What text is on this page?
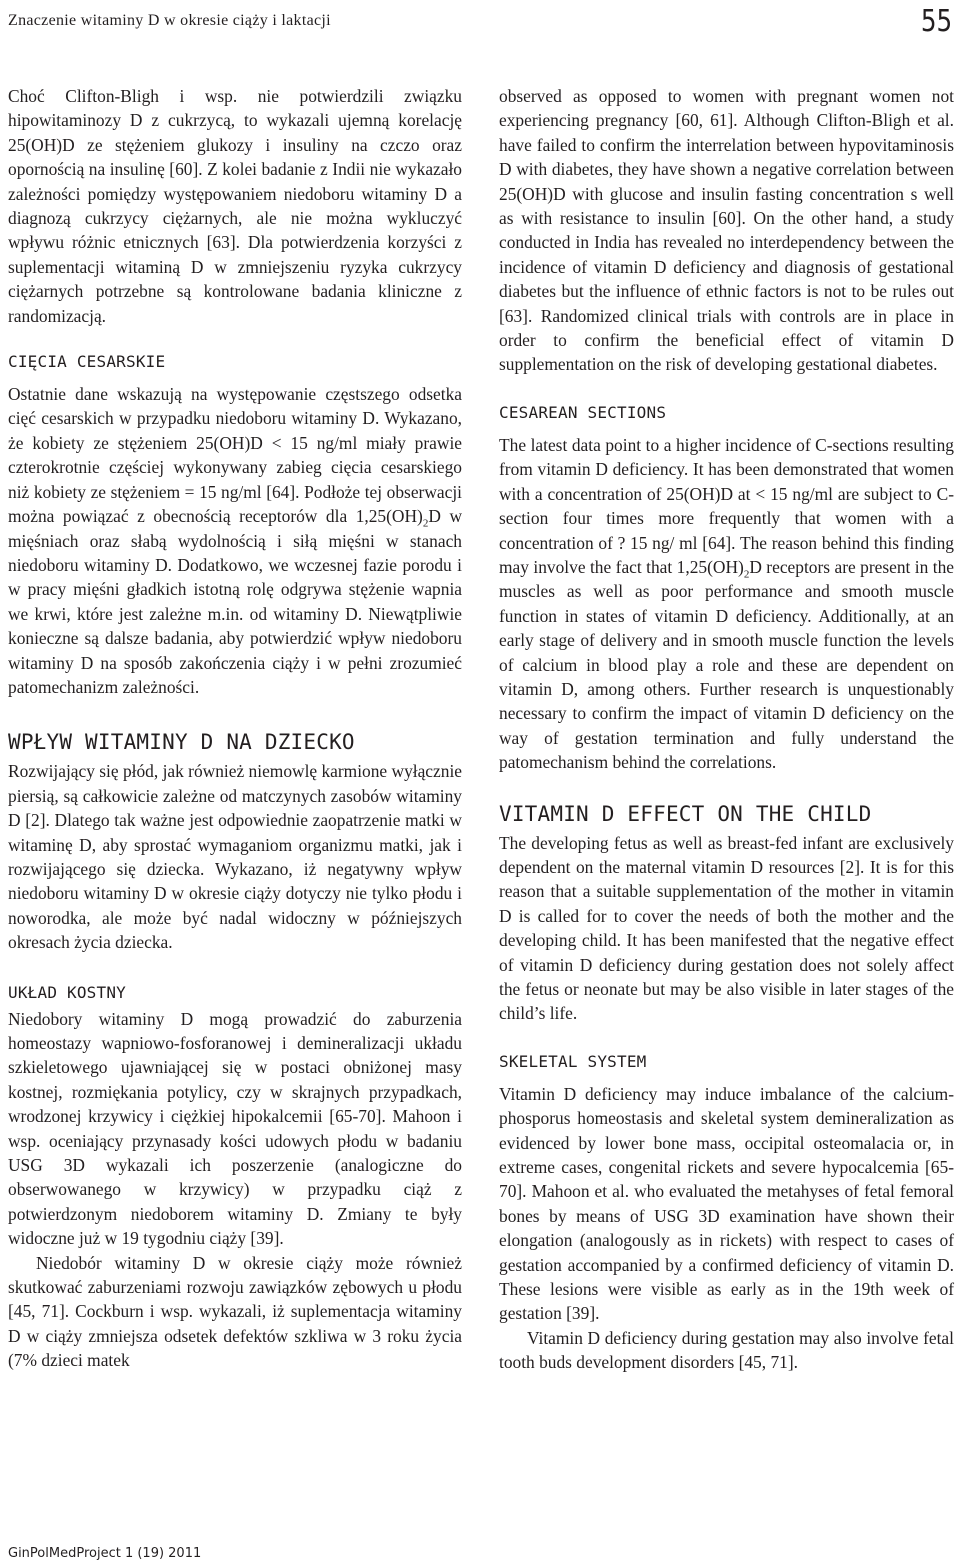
Znaczenie witaminy D w okresie ciąży i laktacji	55

Choć Clifton-Bligh i wsp. nie potwierdzili związku hipowitaminozy D z cukrzycą, to wykazali ujemną korelację 25(OH)D ze stężeniem glukozy i insuliny na czczo oraz opornością na insulinę [60]. Z kolei badanie z Indii nie wykazało zależności pomiędzy występowaniem niedoboru witaminy D a diagnozą cukrzycy ciężarnych, ale nie można wykluczyć wpływu różnic etnicznych [63]. Dla potwierdzenia korzyści z suplementacji witaminą D w zmniejszeniu ryzyka cukrzycy ciężarnych potrzebne są kontrolowane badania kliniczne z randomizacją.

CIĘCIA CESARSKIE

Ostatnie dane wskazują na występowanie częstszego odsetka cięć cesarskich w przypadku niedoboru witaminy D. Wykazano, że kobiety ze stężeniem 25(OH)D < 15 ng/ml miały prawie czterokrotnie częściej wykonywany zabieg cięcia cesarskiego niż kobiety ze stężeniem = 15 ng/ml [64]. Podłoże tej obserwacji można powiązać z obecnością receptorów dla $1,25(OH)_2D$ w mięśniach oraz słabą wydolnością i siłą mięśni w stanach niedoboru witaminy D. Dodatkowo, we wczesnej fazie porodu i w pracy mięśni gładkich istotną rolę odgrywa stężenie wapnia we krwi, które jest zależne m.in. od witaminy D. Niewątpliwie konieczne są dalsze badania, aby potwierdzić wpływ niedoboru witaminy D na sposób zakończenia ciąży i w pełni zrozumieć patomechanizm zależności.

WPŁYW WITAMINY D NA DZIECKO

Rozwijający się płód, jak również niemowlę karmione wyłącznie piersią, są całkowicie zależne od matczynych zasobów witaminy D [2]. Dlatego tak ważne jest odpowiednie zaopatrzenie matki w witaminę D, aby sprostać wymaganiom organizmu matki, jak i rozwijającego się dziecka. Wykazano, iż negatywny wpływ niedoboru witaminy D w okresie ciąży dotyczy nie tylko płodu i noworodka, ale może być nadal widoczny w późniejszych okresach życia dziecka.

UKŁAD KOSTNY

Niedobory witaminy D mogą prowadzić do zaburzenia homeostazy wapniowo-fosforanowej i demineralizacji układu szkieletowego ujawniającej się w postaci obniżonej masy kostnej, rozmiękania potylicy, czy w skrajnych przypadkach, wrodzonej krzywicy i ciężkiej hipokalcemii [65-70]. Mahoon i wsp. oceniający przynasady kości udowych płodu w badaniu USG 3D wykazali ich poszerzenie (analogiczne do obserwowanego w krzywicy) w przypadku ciąż z potwierdzonym niedoborem witaminy D. Zmiany te były widoczne już w 19 tygodniu ciąży [39].

Niedobór witaminy D w okresie ciąży może również skutkować zaburzeniami rozwoju zawiązków zębowych u płodu [45, 71]. Cockburn i wsp. wykazali, iż suplementacja witaminy D w ciąży zmniejsza odsetek defektów szkliwa w 3 roku życia (7% dzieci matek

observed as opposed to women with pregnant women not experiencing pregnancy [60, 61]. Although Clifton-Bligh et al. have failed to confirm the interrelation between hypovitaminosis D with diabetes, they have shown a negative correlation between 25(OH)D with glucose and insulin fasting concentration s well as with resistance to insulin [60]. On the other hand, a study conducted in India has revealed no interdependency between the incidence of vitamin D deficiency and diagnosis of gestational diabetes but the influence of ethnic factors is not to be rules out [63]. Randomized clinical trials with controls are in place in order to confirm the beneficial effect of vitamin D supplementation on the risk of developing gestational diabetes.

CESAREAN SECTIONS

The latest data point to a higher incidence of C-sections resulting from vitamin D deficiency. It has been demonstrated that women with a concentration of 25(OH)D at < 15 ng/ml are subject to C-section four times more frequently that women with a concentration of ? 15 ng/ ml [64]. The reason behind this finding may involve the fact that $1,25(OH)_2D$ receptors are present in the muscles as well as poor performance and smooth muscle function in states of vitamin D deficiency. Additionally, at an early stage of delivery and in smooth muscle function the levels of calcium in blood play a role and these are dependent on vitamin D, among others. Further research is unquestionably necessary to confirm the impact of vitamin D deficiency on the way of gestation termination and fully understand the patomechanism behind the correlations.

VITAMIN D EFFECT ON THE CHILD

The developing fetus as well as breast-fed infant are exclusively dependent on the maternal vitamin D resources [2]. It is for this reason that a suitable supplementation of the mother in vitamin D is called for to cover the needs of both the mother and the developing child. It has been manifested that the negative effect of vitamin D deficiency during gestation does not solely affect the fetus or neonate but may be also visible in later stages of the child’s life.

SKELETAL SYSTEM

Vitamin D deficiency may induce imbalance of the calcium-phosporus homeostasis and skeletal system demineralization as evidenced by lower bone mass, occipital osteomalacia or, in extreme cases, congenital rickets and severe hypocalcemia [65-70]. Mahoon et al. who evaluated the metahyses of fetal femoral bones by means of USG 3D examination have shown their elongation (analogously as in rickets) with respect to cases of gestation accompanied by a confirmed deficiency of vitamin D. These lesions were visible as early as in the 19th week of gestation [39].

Vitamin D deficiency during gestation may also involve fetal tooth buds development disorders [45, 71].

GinPolMedProject 1 (19) 2011
